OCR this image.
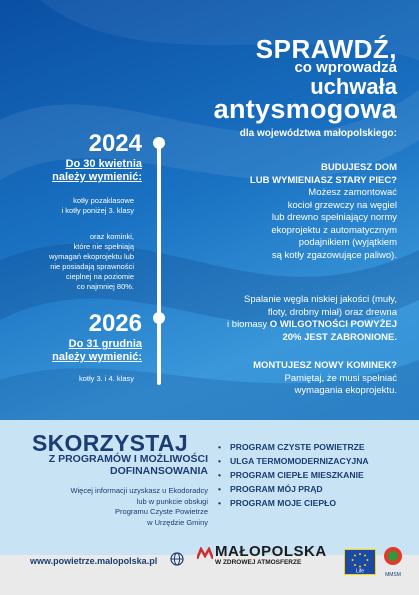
SPRAWDŹ,
co wprowadza
uchwała
antysmogowa
dla województwa małopolskiego:
2024
Do 30 kwietnia
należy wymienić:
kotły pozaklasowe
i kotły poniżej 3. klasy
oraz kominki,
które nie spełniają
wymagań ekoprojektu lub
nie posiadają sprawności
cieplnej na poziomie
co najmniej 80%.
2026
Do 31 grudnia
należy wymienić:
kotły 3. i 4. klasy
BUDUJESZ DOM
LUB WYMIENIASZ STARY PIEC?
Możesz zamontować
kocioł grzewczy na węgiel
lub drewno spełniający normy
ekoprojektu z automatycznym
podajnikiem (wyjątkiem
są kotły zgazowujące paliwo).
Spalanie węgla niskiej jakości (muły,
floty, drobny miał) oraz drewna
i biomasy O WILGOTNOŚCI POWYŻEJ
20% JEST ZABRONIONE.
MONTUJESZ NOWY KOMINEK?
Pamiętaj, że musi spełniać
wymagania ekoprojektu.
SKORZYSTAJ
Z PROGRAMÓW I MOŻLIWOŚCI
DOFINANSOWANIA
Więcej informacji uzyskasz u Ekodoradcy
lub w punkcie obsługi
Programu Czyste Powietrze
w Urzędzie Gminy
• PROGRAM CZYSTE POWIETRZE
• ULGA TERMOMODERNIZACYJNA
• PROGRAM CIEPŁE MIESZKANIE
• PROGRAM MÓJ PRĄD
• PROGRAM MOJE CIEPŁO
www.powietrze.malopolska.pl
MAŁOPOLSKA
W ZDROWEJ ATMOSFERZE
Life
MMSM
